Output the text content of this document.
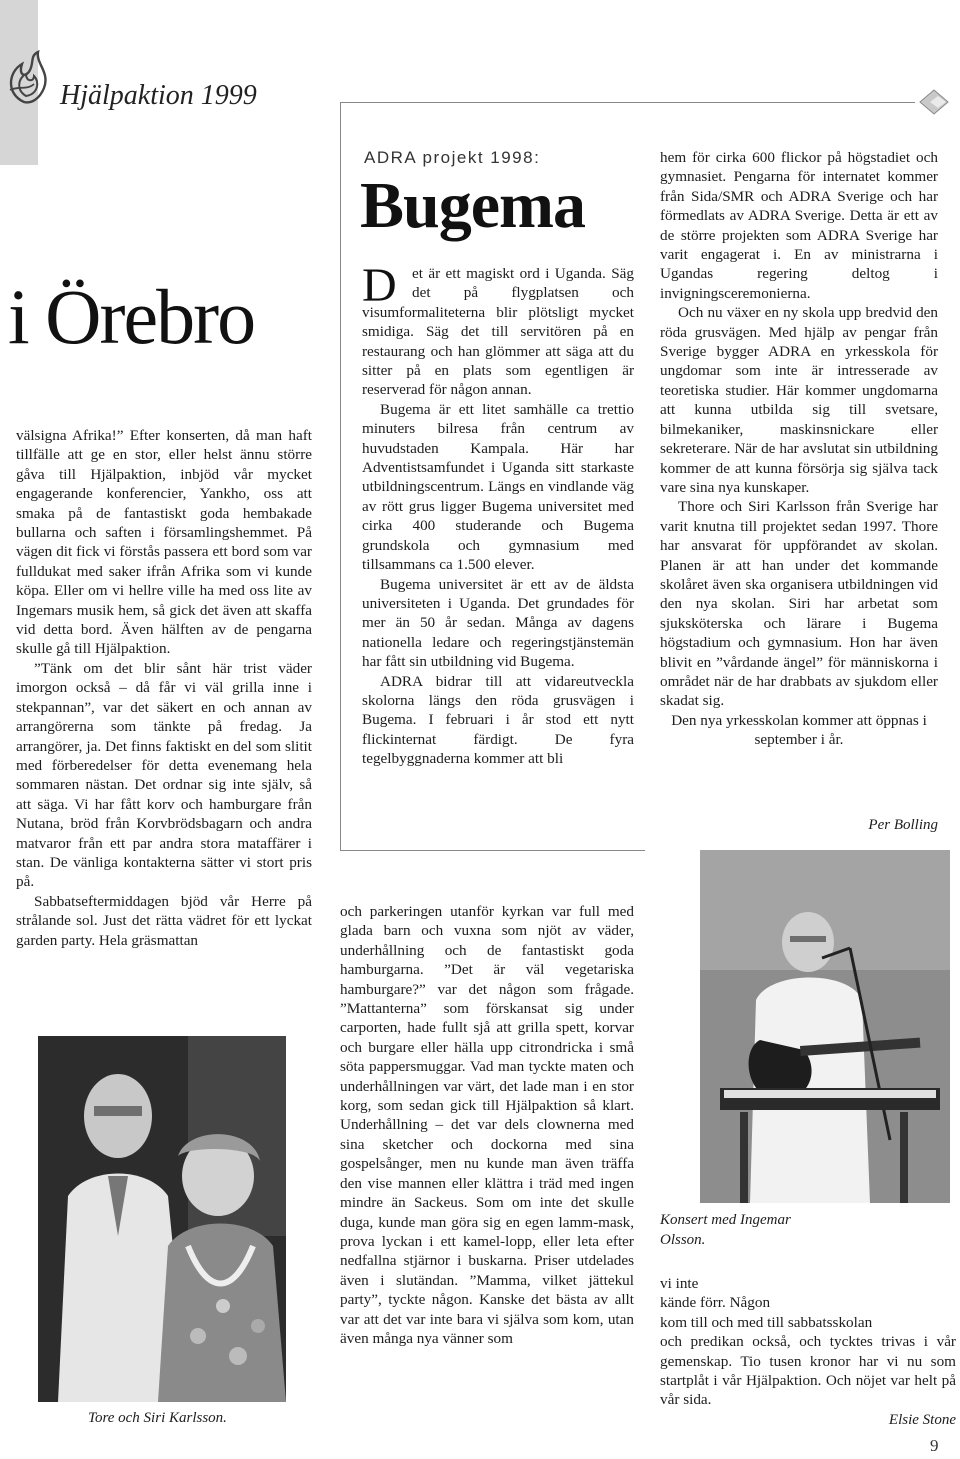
Hjälpaktion 1999
i Örebro

välsigna Afrika!” Efter konserten, då man haft tillfälle att ge en stor, eller helst ännu större gåva till Hjälpaktion, inbjöd vår mycket engagerande konferencier, Yankho, oss att smaka på de fantastiskt goda hembakade bullarna och saften i församlingshemmet. På vägen dit fick vi förstås passera ett bord som var fulldukat med saker ifrån Afrika som vi kunde köpa. Eller om vi hellre ville ha med oss lite av Ingemars musik hem, så gick det även att skaffa vid detta bord. Även hälften av de pengarna skulle gå till Hjälpaktion.

”Tänk om det blir sånt här trist väder imorgon också – då får vi väl grilla inne i stekpannan”, var det säkert en och annan av arrangörerna som tänkte på fredag. Ja arrangörer, ja. Det finns faktiskt en del som slitit med förberedelser för detta evenemang hela sommaren nästan. Det ordnar sig inte själv, så att säga. Vi har fått korv och hamburgare från Nutana, bröd från Korvbrödsbagarn och andra matvaror från ett par andra stora mataffärer i stan. De vänliga kontakterna sätter vi stort pris på.

Sabbatseftermiddagen bjöd vår Herre på strålande sol. Just det rätta vädret för ett lyckat garden party. Hela gräsmattan

Tore och Siri Karlsson.
ADRA projekt 1998:
Bugema
D	et är ett magiskt ord i Uganda. Säg det på flygplatsen och visumformaliteterna blir plötsligt mycket smidiga. Säg det till servitören på en restaurang och han glömmer att säga att du sitter på en plats som egentligen är reserverad för någon annan.

Bugema är ett litet samhälle ca trettio minuters bilresa från centrum av huvudstaden Kampala. Här har Adventistsamfundet i Uganda sitt starkaste utbildningscentrum. Längs en vindlande väg av rött grus ligger Bugema universitet med cirka 400 studerande och Bugema grundskola och gymnasium med tillsammans ca 1.500 elever.

Bugema universitet är ett av de äldsta universiteten i Uganda. Det grundades för mer än 50 år sedan. Många av dagens nationella ledare och regeringstjänstemän har fått sin utbildning vid Bugema.

ADRA bidrar till att vidareutveckla skolorna längs den röda grusvägen i Bugema. I februari i år stod ett nytt flickinternat färdigt. De fyra tegelbyggnaderna kommer att bli

och parkeringen utanför kyrkan var full med glada barn och vuxna som njöt av väder, underhållning och de fantastiskt goda hamburgarna. ”Det är väl vegetariska hamburgare?” var det någon som frågade. ”Mattanterna” som förskansat sig under carporten, hade fullt sjå att grilla spett, korvar och burgare eller hälla upp citrondricka i små söta pappersmuggar. Vad man tyckte maten och underhållningen var värt, det lade man i en stor korg, som sedan gick till Hjälpaktion så klart. Underhållning – det var dels clownerna med sina sketcher och dockorna med sina gospelsånger, men nu kunde man även träffa den vise mannen eller klättra i träd med ingen mindre än Sackeus. Som om inte det skulle duga, kunde man göra sig en egen lamm-mask, prova lyckan i ett kamel-lopp, eller leta efter nedfallna stjärnor i buskarna. Priser utdelades även i slutändan. ”Mamma, vilket jättekul party”, tyckte någon. Kanske det bästa av allt var att det var inte bara vi själva som kom, utan även många nya vänner som

hem för cirka 600 flickor på högstadiet och gymnasiet. Pengarna för internatet kommer från Sida/SMR och ADRA Sverige och har förmedlats av ADRA Sverige. Detta är ett av de större projekten som ADRA Sverige har varit engagerat i. En av ministrarna i Ugandas regering deltog i invigningsceremonierna.

Och nu växer en ny skola upp bredvid den röda grusvägen. Med hjälp av pengar från Sverige bygger ADRA en yrkesskola för ungdomar som inte är intresserade av teoretiska studier. Här kommer ungdomarna att kunna utbilda sig till svetsare, bilmekaniker, maskinsnickare eller sekreterare. När de har avslutat sin utbildning kommer de att kunna försörja sig själva tack vare sina nya kunskaper.

Thore och Siri Karlsson från Sverige har varit knutna till projektet sedan 1997. Thore har ansvarat för uppförandet av skolan. Planen är att han under det kommande skolåret även ska organisera utbildningen vid den nya skolan. Siri har arbetat som sjuksköterska och lärare i Bugema högstadium och gymnasium. Hon har även blivit en ”vårdande ängel” för människorna i området när de har drabbats av sjukdom eller skadat sig.

Den nya yrkesskolan kommer att öppnas i september i år.

Per Bolling
Konsert med Ingemar Olsson.

vi inte

kände förr. Någon

kom till och med till sabbatsskolan

och predikan också, och tycktes trivas i vår gemenskap. Tio tusen kronor har vi nu som startplåt i vår Hjälpaktion. Och nöjet var helt på vår sida.

Elsie Stone
9
